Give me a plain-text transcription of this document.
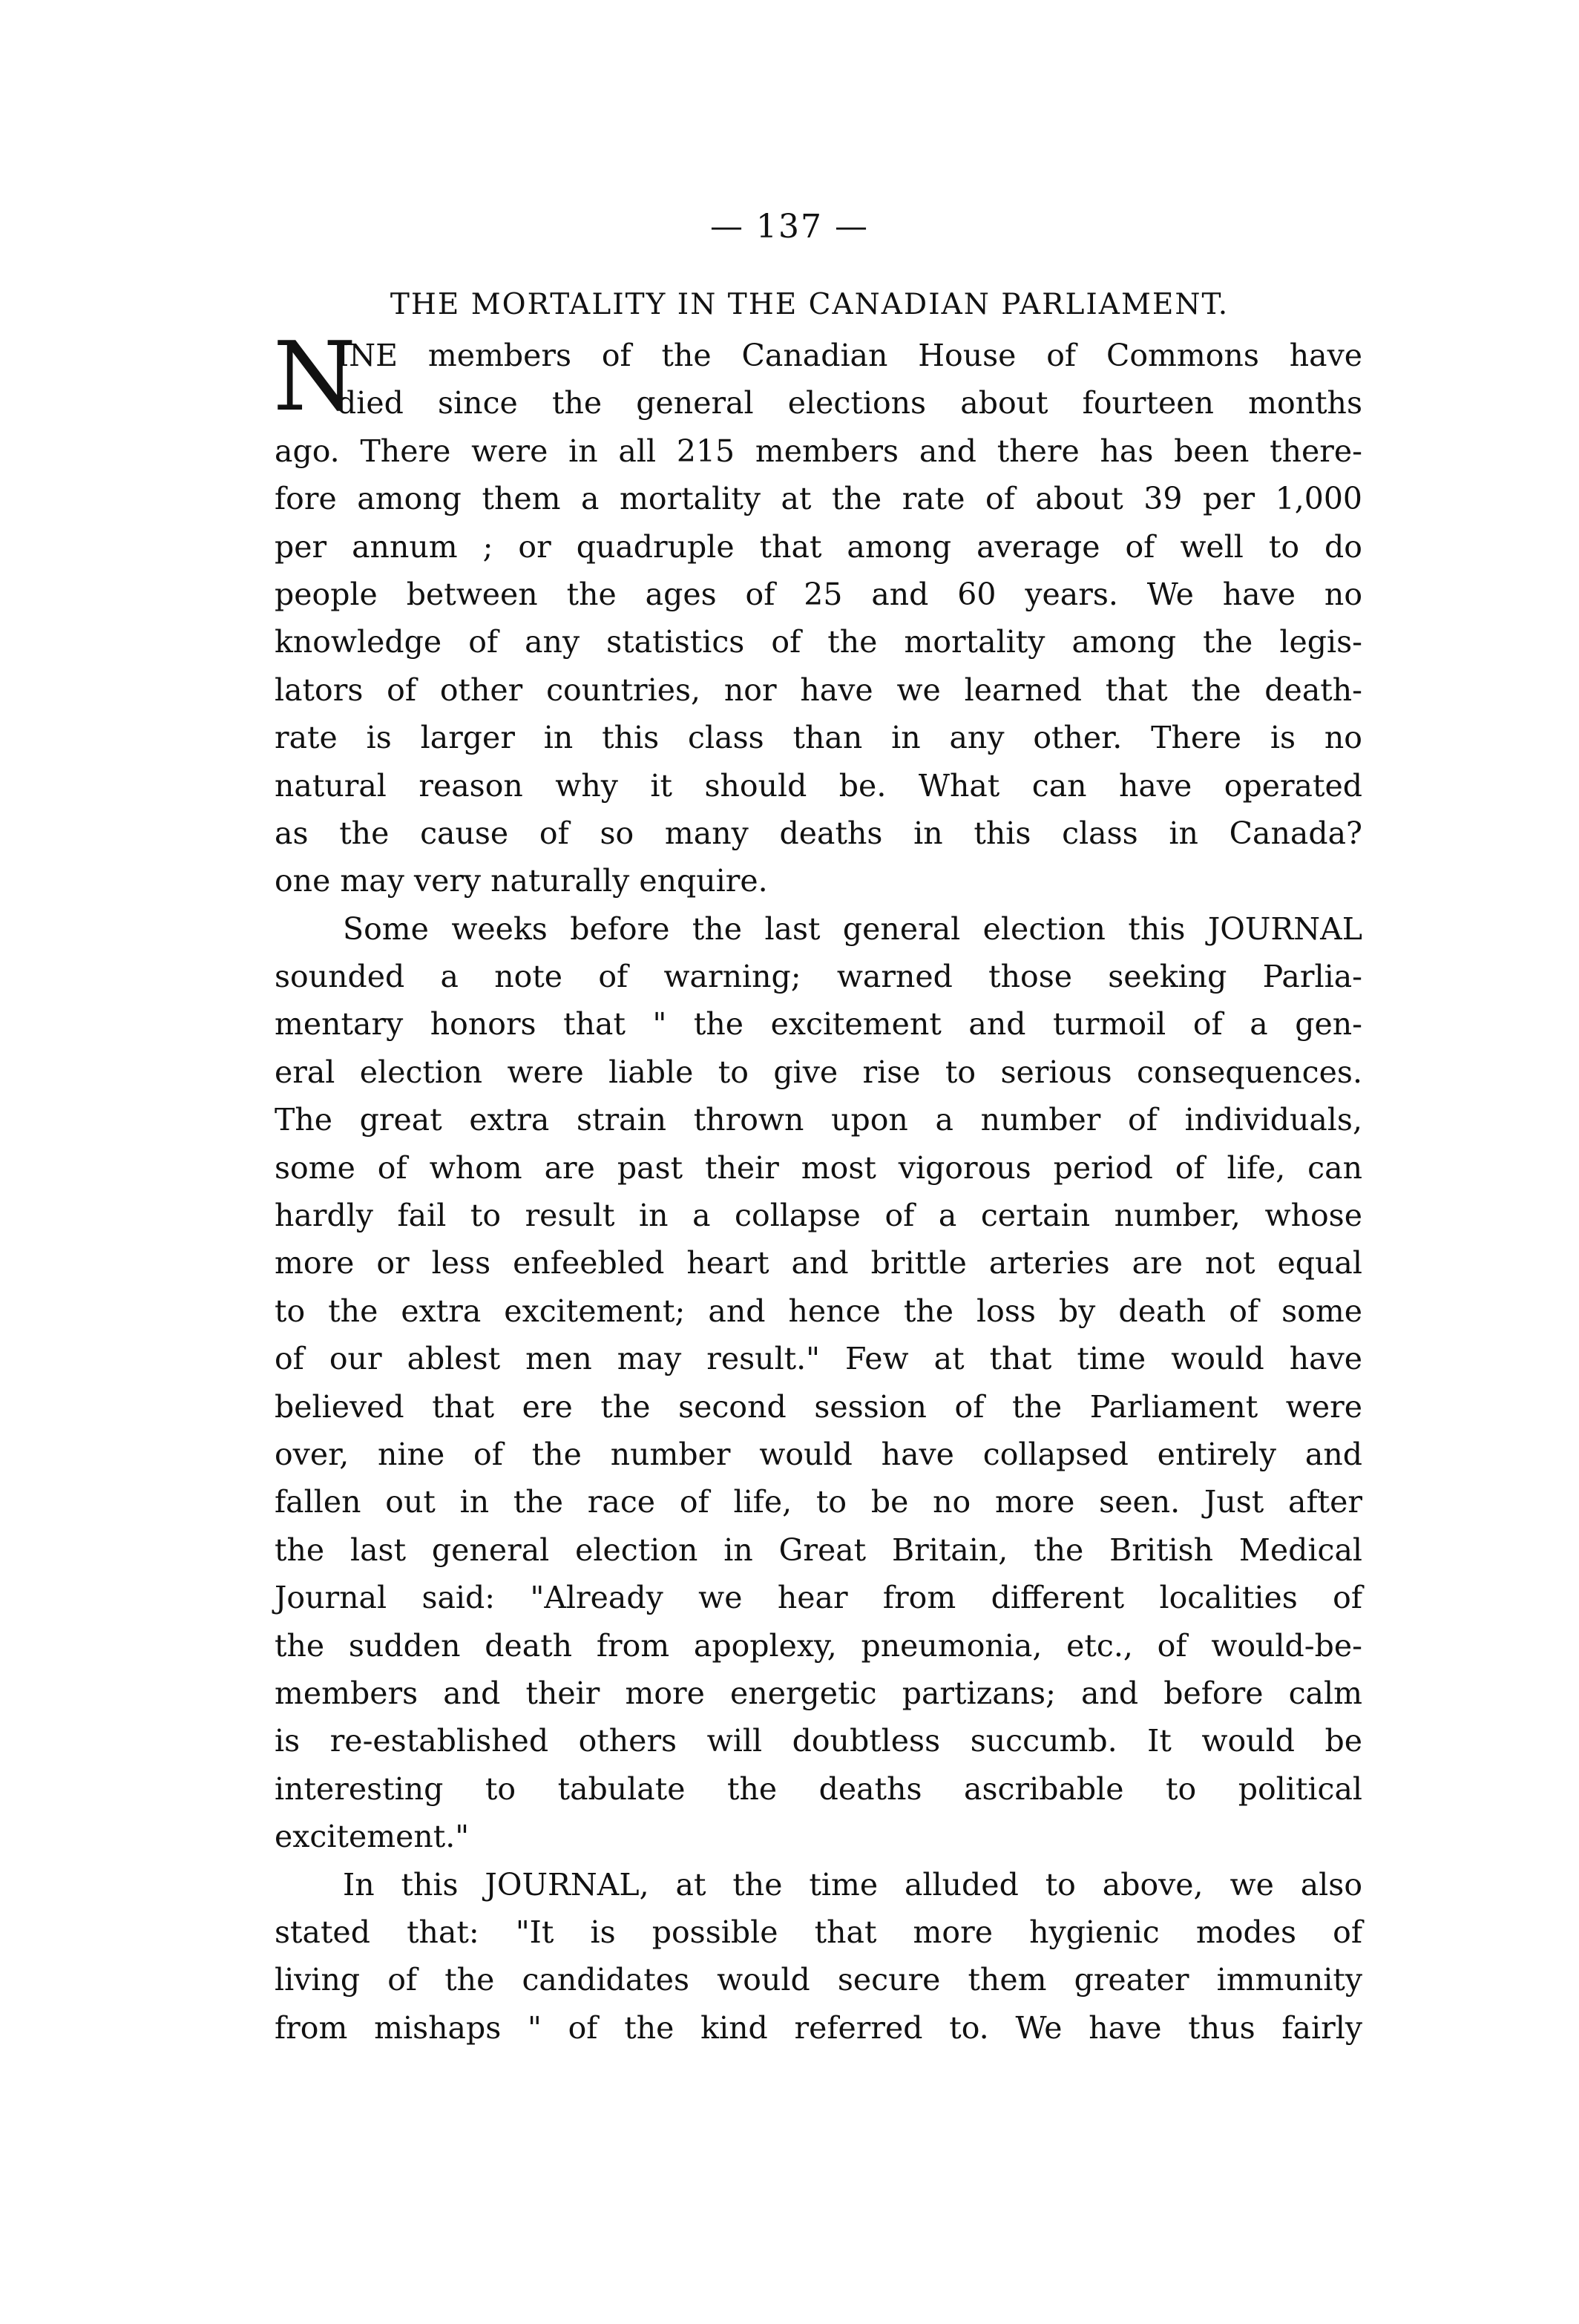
— 137 —
THE MORTALITY IN THE CANADIAN PARLIAMENT.
N
INE members of the Canadian House of Commons have
died since the general elections about fourteen months
ago. There were in all 215 members and there has been there-
fore among them a mortality at the rate of about 39 per 1,000
per annum ; or quadruple that among average of well to do
people between the ages of 25 and 60 years. We have no
knowledge of any statistics of the mortality among the legis-
lators of other countries, nor have we learned that the death-
rate is larger in this class than in any other. There is no
natural reason why it should be. What can have operated
as the cause of so many deaths in this class in Canada?
one may very naturally enquire.
Some weeks before the last general election this JOURNAL
sounded a note of warning; warned those seeking Parlia-
mentary honors that " the excitement and turmoil of a gen-
eral election were liable to give rise to serious consequences.
The great extra strain thrown upon a number of individuals,
some of whom are past their most vigorous period of life, can
hardly fail to result in a collapse of a certain number, whose
more or less enfeebled heart and brittle arteries are not equal
to the extra excitement; and hence the loss by death of some
of our ablest men may result." Few at that time would have
believed that ere the second session of the Parliament were
over, nine of the number would have collapsed entirely and
fallen out in the race of life, to be no more seen. Just after
the last general election in Great Britain, the British Medical
Journal said: "Already we hear from different localities of
the sudden death from apoplexy, pneumonia, etc., of would-be-
members and their more energetic partizans; and before calm
is re-established others will doubtless succumb. It would be
interesting to tabulate the deaths ascribable to political
excitement."
In this JOURNAL, at the time alluded to above, we also
stated that: "It is possible that more hygienic modes of
living of the candidates would secure them greater immunity
from mishaps " of the kind referred to. We have thus fairly
